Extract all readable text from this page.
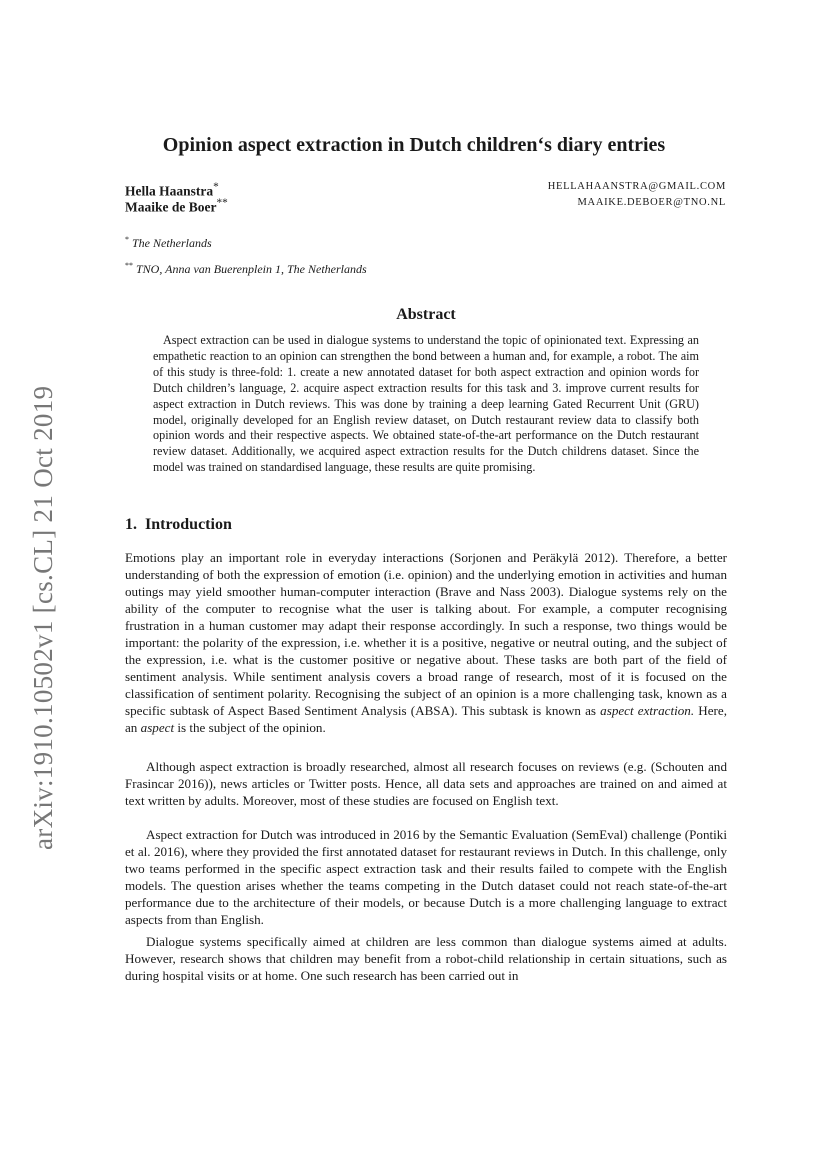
arXiv:1910.10502v1 [cs.CL] 21 Oct 2019
Opinion aspect extraction in Dutch children‘s diary entries
Hella Haanstra*	HELLAHAANSTRA@GMAIL.COM
Maaike de Boer**	MAAIKE.DEBOER@TNO.NL
* The Netherlands
** TNO, Anna van Buerenplein 1, The Netherlands
Abstract

Aspect extraction can be used in dialogue systems to understand the topic of opinionated text. Expressing an empathetic reaction to an opinion can strengthen the bond between a human and, for example, a robot. The aim of this study is three-fold: 1. create a new annotated dataset for both aspect extraction and opinion words for Dutch children’s language, 2. acquire aspect extraction results for this task and 3. improve current results for aspect extraction in Dutch reviews. This was done by training a deep learning Gated Recurrent Unit (GRU) model, originally developed for an English review dataset, on Dutch restaurant review data to classify both opinion words and their respective aspects. We obtained state-of-the-art performance on the Dutch restaurant review dataset. Additionally, we acquired aspect extraction results for the Dutch childrens dataset. Since the model was trained on standardised language, these results are quite promising.

1. Introduction

Emotions play an important role in everyday interactions (Sorjonen and Peräkylä 2012). Therefore, a better understanding of both the expression of emotion (i.e. opinion) and the underlying emotion in activities and human outings may yield smoother human-computer interaction (Brave and Nass 2003). Dialogue systems rely on the ability of the computer to recognise what the user is talking about. For example, a computer recognising frustration in a human customer may adapt their response accordingly. In such a response, two things would be important: the polarity of the expression, i.e. whether it is a positive, negative or neutral outing, and the subject of the expression, i.e. what is the customer positive or negative about. These tasks are both part of the field of sentiment analysis. While sentiment analysis covers a broad range of research, most of it is focused on the classification of sentiment polarity. Recognising the subject of an opinion is a more challenging task, known as a specific subtask of Aspect Based Sentiment Analysis (ABSA). This subtask is known as aspect extraction. Here, an aspect is the subject of the opinion.

Although aspect extraction is broadly researched, almost all research focuses on reviews (e.g. (Schouten and Frasincar 2016)), news articles or Twitter posts. Hence, all data sets and approaches are trained on and aimed at text written by adults. Moreover, most of these studies are focused on English text.

Aspect extraction for Dutch was introduced in 2016 by the Semantic Evaluation (SemEval) challenge (Pontiki et al. 2016), where they provided the first annotated dataset for restaurant reviews in Dutch. In this challenge, only two teams performed in the specific aspect extraction task and their results failed to compete with the English models. The question arises whether the teams competing in the Dutch dataset could not reach state-of-the-art performance due to the architecture of their models, or because Dutch is a more challenging language to extract aspects from than English.

Dialogue systems specifically aimed at children are less common than dialogue systems aimed at adults. However, research shows that children may benefit from a robot-child relationship in certain situations, such as during hospital visits or at home. One such research has been carried out in
